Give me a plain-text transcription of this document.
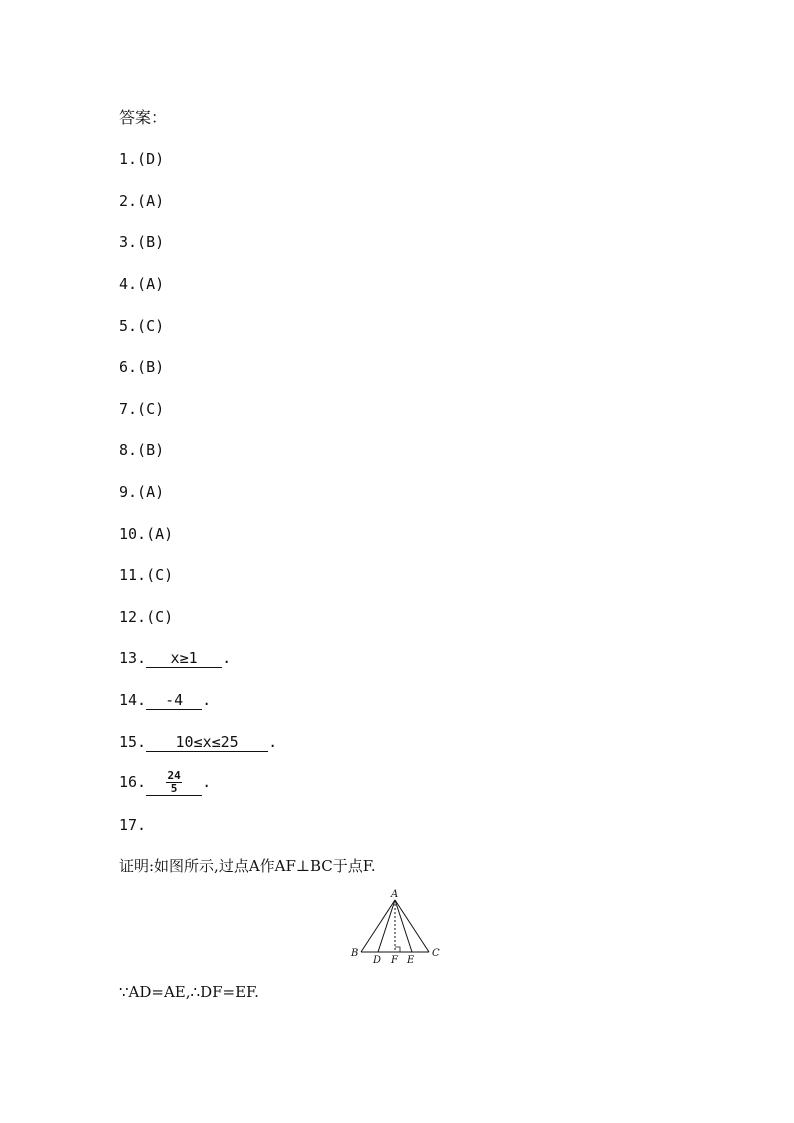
答案：
1.(D)
2.(A)
3.(B)
4.(A)
5.(C)
6.(B)
7.(C)
8.(B)
9.(A)
10.(A)
11.(C)
12.(C)
13. x≥1 .
14. -4 .
15. 10≤x≤25 .
16. $\frac{24}{5}$ .
17.
证明:如图所示,过点A作AF⊥BC于点F.
A
B	C
D F E
∵AD=AE,∴DF=EF.
